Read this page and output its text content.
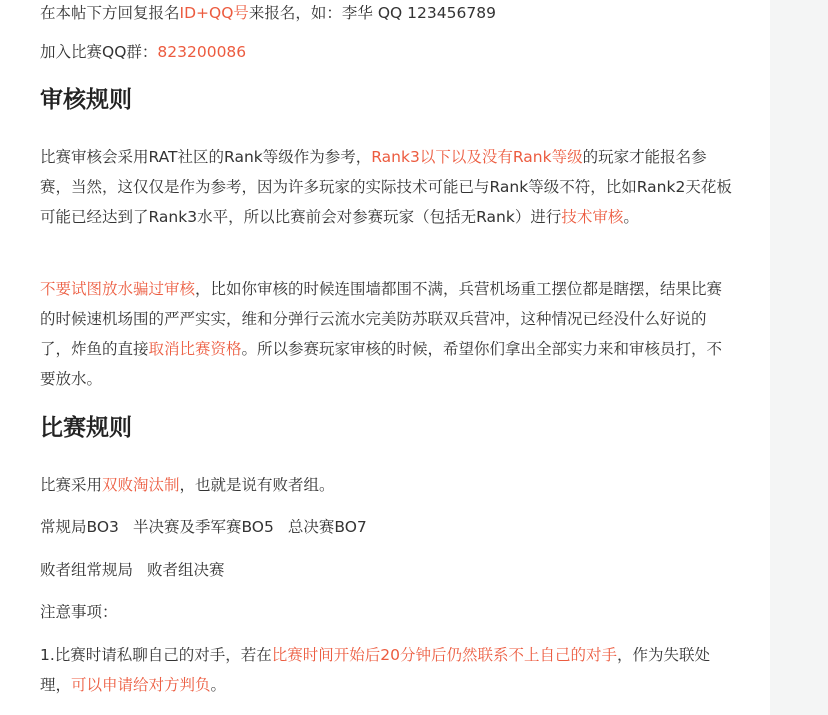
在本帖下方回复报名ID+QQ号来报名，如：李华 QQ 123456789

加入比赛QQ群：823200086

审核规则

比赛审核会采用RAT社区的Rank等级作为参考，Rank3以下以及没有Rank等级的玩家才能报名参赛，当然，这仅仅是作为参考，因为许多玩家的实际技术可能已与Rank等级不符，比如Rank2天花板可能已经达到了Rank3水平，所以比赛前会对参赛玩家（包括无Rank）进行技术审核。

不要试图放水骗过审核，比如你审核的时候连围墙都围不满，兵营机场重工摆位都是瞎摆，结果比赛的时候速机场围的严严实实，维和分弹行云流水完美防苏联双兵营冲，这种情况已经没什么好说的了，炸鱼的直接取消比赛资格。所以参赛玩家审核的时候，希望你们拿出全部实力来和审核员打，不要放水。

比赛规则

比赛采用双败淘汰制，也就是说有败者组。

常规局BO3 半决赛及季军赛BO5 总决赛BO7

败者组常规局 败者组决赛

注意事项：

1.比赛时请私聊自己的对手，若在比赛时间开始后20分钟后仍然联系不上自己的对手，作为失联处理，可以申请给对方判负。
